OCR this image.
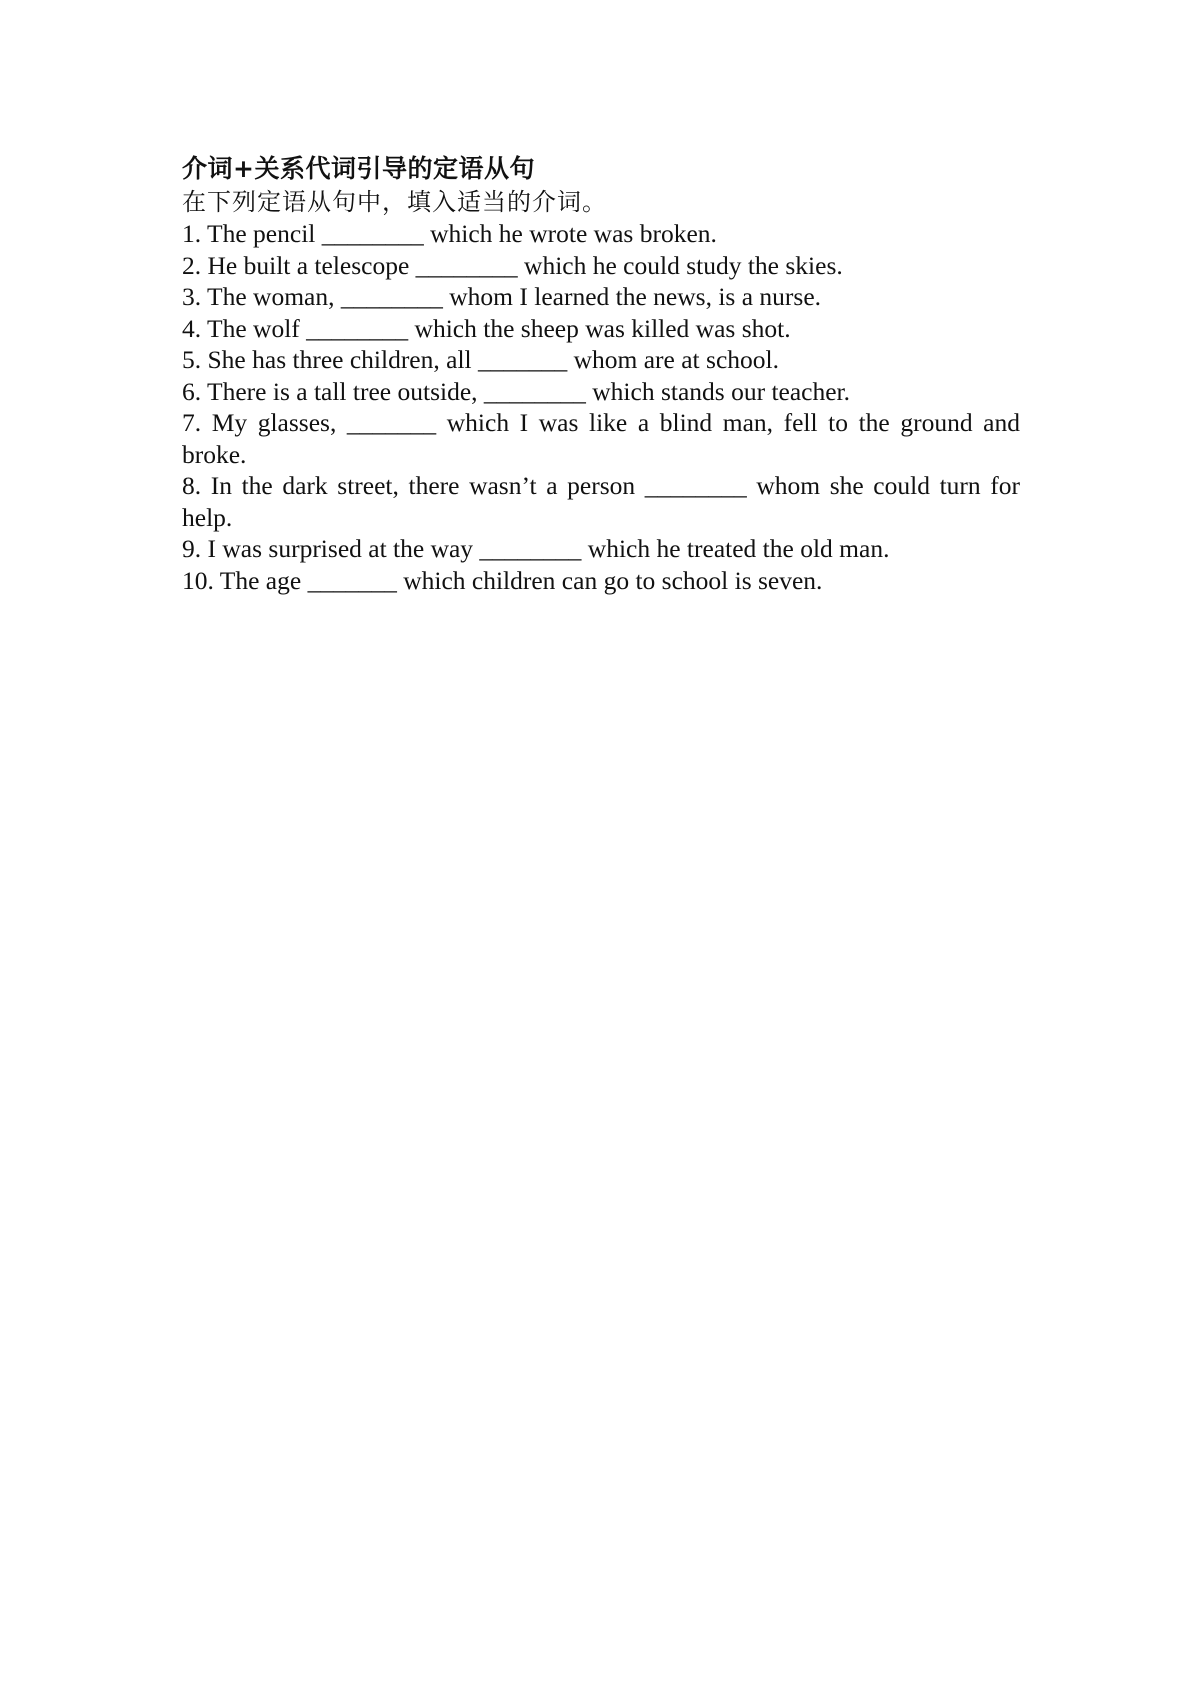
介词+关系代词引导的定语从句

在下列定语从句中，填入适当的介词。

1. The pencil ________ which he wrote was broken.
2. He built a telescope ________ which he could study the skies.
3. The woman, ________ whom I learned the news, is a nurse.
4. The wolf ________ which the sheep was killed was shot.
5. She has three children, all _______ whom are at school.
6. There is a tall tree outside, ________ which stands our teacher.
7. My glasses, _______ which I was like a blind man, fell to the ground and broke.
8. In the dark street, there wasn’t a person ________ whom she could turn for help.
9. I was surprised at the way ________ which he treated the old man.
10. The age _______ which children can go to school is seven.
